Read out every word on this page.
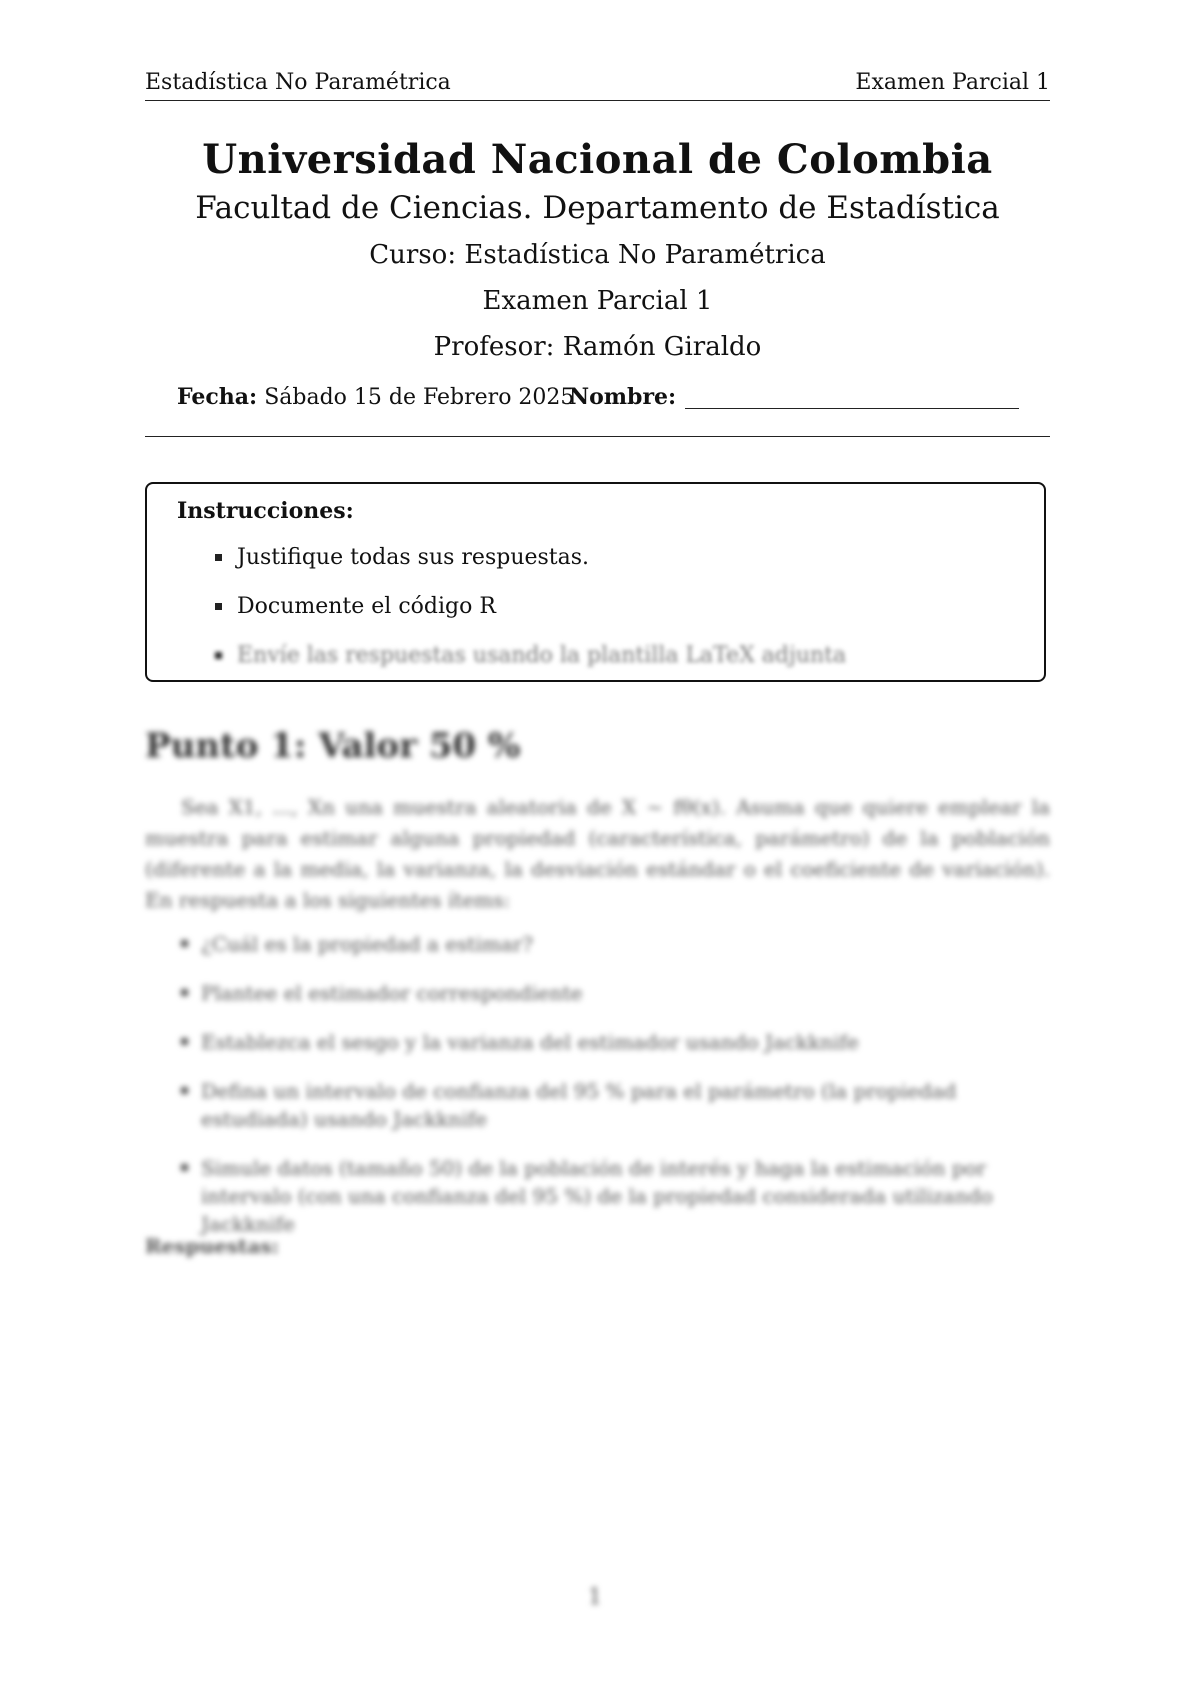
Estadística No Paramétrica	Examen Parcial 1
Universidad Nacional de Colombia
Facultad de Ciencias. Departamento de Estadística
Curso: Estadística No Paramétrica
Examen Parcial 1
Profesor: Ramón Giraldo
Fecha: Sábado 15 de Febrero 2025
Nombre:
Instrucciones:
Justifique todas sus respuestas.
Documente el código R
Envíe las respuestas usando la plantilla LaTeX adjunta
Punto 1: Valor 50 %
Sea X1, ..., Xn una muestra aleatoria de X ~ fθ(x). Asuma que quiere emplear la muestra para estimar alguna propiedad (característica, parámetro) de la población (diferente a la media, la varianza, la desviación estándar o el coeficiente de variación). En respuesta a los siguientes ítems:
¿Cuál es la propiedad a estimar?
Plantee el estimador correspondiente
Establezca el sesgo y la varianza del estimador usando Jackknife
Defina un intervalo de confianza del 95 % para el parámetro (la propiedad estudiada) usando Jackknife
Simule datos (tamaño 50) de la población de interés y haga la estimación por intervalo (con una confianza del 95 %) de la propiedad considerada utilizando Jackknife
Respuestas:
1
